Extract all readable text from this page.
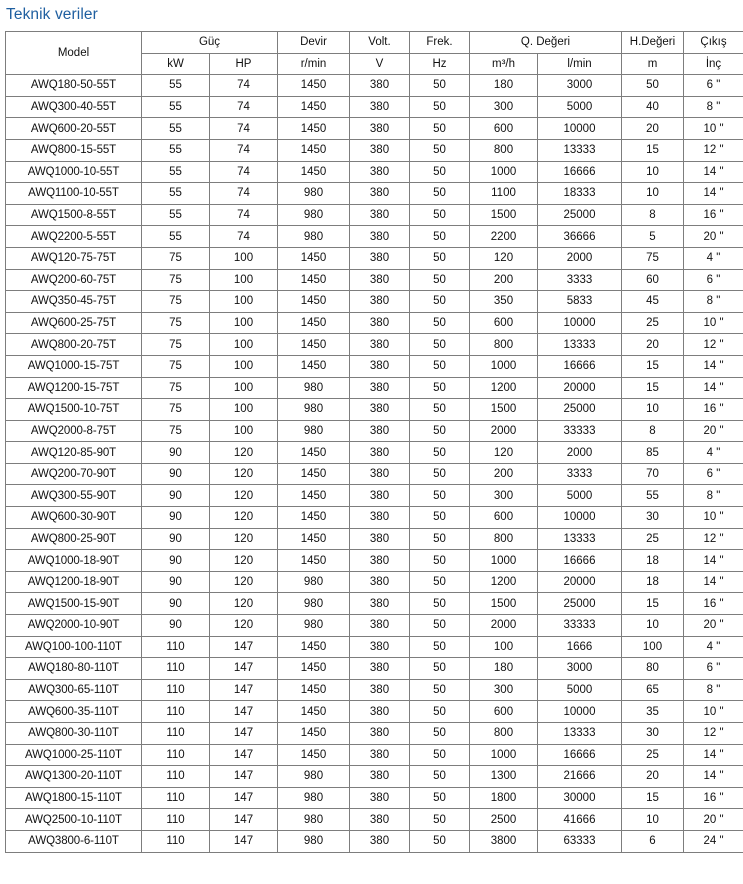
Teknik veriler
Model	Güç		Devir	Volt.	Frek.	Q. Değeri		H.Değeri	Çıkış
	kW	HP	r/min	V	Hz	m³/h	l/min	m	İnç
AWQ180-50-55T	55	74	1450	380	50	180	3000	50	6 "
AWQ300-40-55T	55	74	1450	380	50	300	5000	40	8 "
AWQ600-20-55T	55	74	1450	380	50	600	10000	20	10 "
AWQ800-15-55T	55	74	1450	380	50	800	13333	15	12 "
AWQ1000-10-55T	55	74	1450	380	50	1000	16666	10	14 "
AWQ1100-10-55T	55	74	980	380	50	1100	18333	10	14 "
AWQ1500-8-55T	55	74	980	380	50	1500	25000	8	16 "
AWQ2200-5-55T	55	74	980	380	50	2200	36666	5	20 "
AWQ120-75-75T	75	100	1450	380	50	120	2000	75	4 "
AWQ200-60-75T	75	100	1450	380	50	200	3333	60	6 "
AWQ350-45-75T	75	100	1450	380	50	350	5833	45	8 "
AWQ600-25-75T	75	100	1450	380	50	600	10000	25	10 "
AWQ800-20-75T	75	100	1450	380	50	800	13333	20	12 "
AWQ1000-15-75T	75	100	1450	380	50	1000	16666	15	14 "
AWQ1200-15-75T	75	100	980	380	50	1200	20000	15	14 "
AWQ1500-10-75T	75	100	980	380	50	1500	25000	10	16 "
AWQ2000-8-75T	75	100	980	380	50	2000	33333	8	20 "
AWQ120-85-90T	90	120	1450	380	50	120	2000	85	4 "
AWQ200-70-90T	90	120	1450	380	50	200	3333	70	6 "
AWQ300-55-90T	90	120	1450	380	50	300	5000	55	8 "
AWQ600-30-90T	90	120	1450	380	50	600	10000	30	10 "
AWQ800-25-90T	90	120	1450	380	50	800	13333	25	12 "
AWQ1000-18-90T	90	120	1450	380	50	1000	16666	18	14 "
AWQ1200-18-90T	90	120	980	380	50	1200	20000	18	14 "
AWQ1500-15-90T	90	120	980	380	50	1500	25000	15	16 "
AWQ2000-10-90T	90	120	980	380	50	2000	33333	10	20 "
AWQ100-100-110T	110	147	1450	380	50	100	1666	100	4 "
AWQ180-80-110T	110	147	1450	380	50	180	3000	80	6 "
AWQ300-65-110T	110	147	1450	380	50	300	5000	65	8 "
AWQ600-35-110T	110	147	1450	380	50	600	10000	35	10 "
AWQ800-30-110T	110	147	1450	380	50	800	13333	30	12 "
AWQ1000-25-110T	110	147	1450	380	50	1000	16666	25	14 "
AWQ1300-20-110T	110	147	980	380	50	1300	21666	20	14 "
AWQ1800-15-110T	110	147	980	380	50	1800	30000	15	16 "
AWQ2500-10-110T	110	147	980	380	50	2500	41666	10	20 "
AWQ3800-6-110T	110	147	980	380	50	3800	63333	6	24 "
